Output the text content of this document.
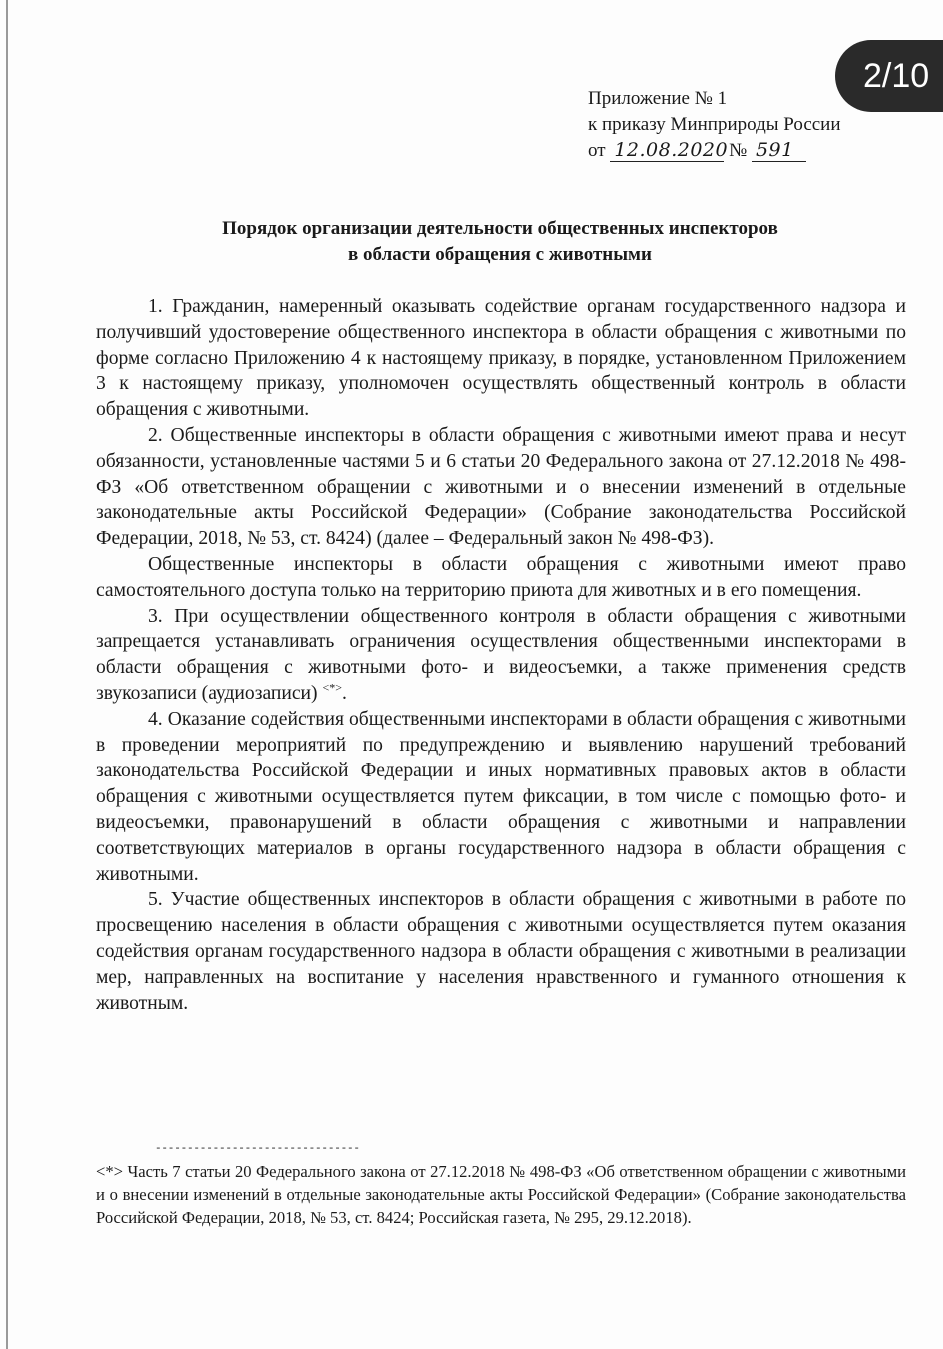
2/10
Приложение № 1
к приказу Минприроды России
от 12.08.2020 № 591
Порядок организации деятельности общественных инспекторов
в области обращения с животными

1. Гражданин, намеренный оказывать содействие органам государственного надзора и получивший удостоверение общественного инспектора в области обращения с животными по форме согласно Приложению 4 к настоящему приказу, в порядке, установленном Приложением 3 к настоящему приказу, уполномочен осуществлять общественный контроль в области обращения с животными.

2. Общественные инспекторы в области обращения с животными имеют права и несут обязанности, установленные частями 5 и 6 статьи 20 Федерального закона от 27.12.2018 № 498-ФЗ «Об ответственном обращении с животными и о внесении изменений в отдельные законодательные акты Российской Федерации» (Собрание законодательства Российской Федерации, 2018, № 53, ст. 8424) (далее – Федеральный закон № 498-ФЗ).

Общественные инспекторы в области обращения с животными имеют право самостоятельного доступа только на территорию приюта для животных и в его помещения.

3. При осуществлении общественного контроля в области обращения с животными запрещается устанавливать ограничения осуществления общественными инспекторами в области обращения с животными фото- и видеосъемки, а также применения средств звукозаписи (аудиозаписи) <*>.

4. Оказание содействия общественными инспекторами в области обращения с животными в проведении мероприятий по предупреждению и выявлению нарушений требований законодательства Российской Федерации и иных нормативных правовых актов в области обращения с животными осуществляется путем фиксации, в том числе с помощью фото- и видеосъемки, правонарушений в области обращения с животными и направлении соответствующих материалов в органы государственного надзора в области обращения с животными.

5. Участие общественных инспекторов в области обращения с животными в работе по просвещению населения в области обращения с животными осуществляется путем оказания содействия органам государственного надзора в области обращения с животными в реализации мер, направленных на воспитание у населения нравственного и гуманного отношения к животным.

--------------------------------
<*> Часть 7 статьи 20 Федерального закона от 27.12.2018 № 498-ФЗ «Об ответственном обращении с животными и о внесении изменений в отдельные законодательные акты Российской Федерации» (Собрание законодательства Российской Федерации, 2018, № 53, ст. 8424; Российская газета, № 295, 29.12.2018).
